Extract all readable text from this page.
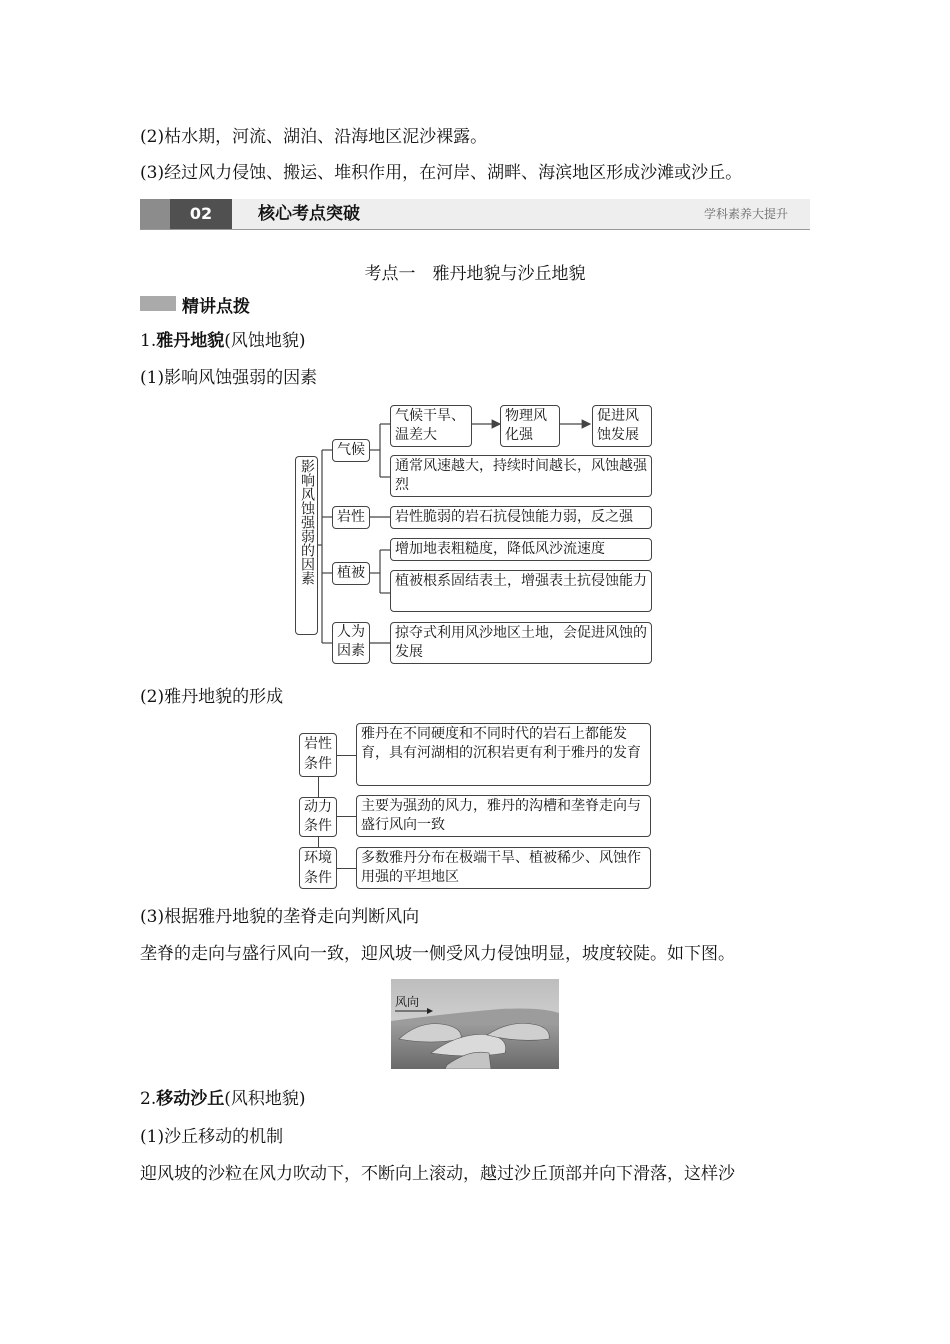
(2)枯水期，河流、湖泊、沿海地区泥沙裸露。
(3)经过风力侵蚀、搬运、堆积作用，在河岸、湖畔、海滨地区形成沙滩或沙丘。
02	核心考点突破	学科素养大提升
考点一　雅丹地貌与沙丘地貌
精讲点拨
1.雅丹地貌(风蚀地貌)
(1)影响风蚀强弱的因素
影响风蚀强弱的因素
气候
气候干旱、温差大
物理风化强
促进风蚀发展
通常风速越大，持续时间越长，风蚀越强烈
岩性	岩性脆弱的岩石抗侵蚀能力弱，反之强
植被
增加地表粗糙度，降低风沙流速度
植被根系固结表土，增强表土抗侵蚀能力
人为因素
掠夺式利用风沙地区土地，会促进风蚀的发展
(2)雅丹地貌的形成
岩性条件
雅丹在不同硬度和不同时代的岩石上都能发育，具有河湖相的沉积岩更有利于雅丹的发育
动力条件
主要为强劲的风力，雅丹的沟槽和垄脊走向与盛行风向一致
环境条件
多数雅丹分布在极端干旱、植被稀少、风蚀作用强的平坦地区
(3)根据雅丹地貌的垄脊走向判断风向
垄脊的走向与盛行风向一致，迎风坡一侧受风力侵蚀明显，坡度较陡。如下图。
风向
2.移动沙丘(风积地貌)
(1)沙丘移动的机制
迎风坡的沙粒在风力吹动下，不断向上滚动，越过沙丘顶部并向下滑落，这样沙
